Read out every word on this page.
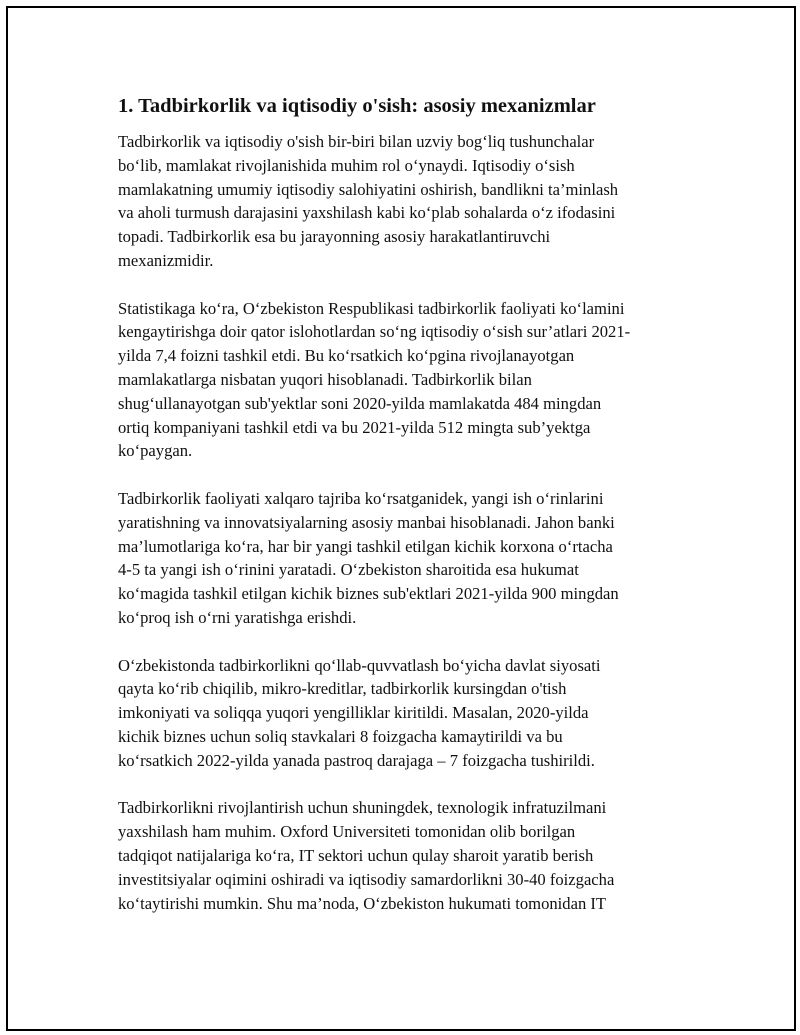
1. Tadbirkorlik va iqtisodiy o'sish: asosiy mexanizmlar

Tadbirkorlik va iqtisodiy o'sish bir-biri bilan uzviy bog‘liq tushunchalar
bo‘lib, mamlakat rivojlanishida muhim rol o‘ynaydi. Iqtisodiy o‘sish
mamlakatning umumiy iqtisodiy salohiyatini oshirish, bandlikni ta’minlash
va aholi turmush darajasini yaxshilash kabi ko‘plab sohalarda o‘z ifodasini
topadi. Tadbirkorlik esa bu jarayonning asosiy harakatlantiruvchi
mexanizmidir.

Statistikaga ko‘ra, O‘zbekiston Respublikasi tadbirkorlik faoliyati ko‘lamini
kengaytirishga doir qator islohotlardan so‘ng iqtisodiy o‘sish sur’atlari 2021-
yilda 7,4 foizni tashkil etdi. Bu ko‘rsatkich ko‘pgina rivojlanayotgan
mamlakatlarga nisbatan yuqori hisoblanadi. Tadbirkorlik bilan
shug‘ullanayotgan sub'yektlar soni 2020-yilda mamlakatda 484 mingdan
ortiq kompaniyani tashkil etdi va bu 2021-yilda 512 mingta sub’yektga
ko‘paygan.

Tadbirkorlik faoliyati xalqaro tajriba ko‘rsatganidek, yangi ish o‘rinlarini
yaratishning va innovatsiyalarning asosiy manbai hisoblanadi. Jahon banki
ma’lumotlariga ko‘ra, har bir yangi tashkil etilgan kichik korxona o‘rtacha
4-5 ta yangi ish o‘rinini yaratadi. O‘zbekiston sharoitida esa hukumat
ko‘magida tashkil etilgan kichik biznes sub'ektlari 2021-yilda 900 mingdan
ko‘proq ish o‘rni yaratishga erishdi.

O‘zbekistonda tadbirkorlikni qo‘llab-quvvatlash bo‘yicha davlat siyosati
qayta ko‘rib chiqilib, mikro-kreditlar, tadbirkorlik kursingdan o'tish
imkoniyati va soliqqa yuqori yengilliklar kiritildi. Masalan, 2020-yilda
kichik biznes uchun soliq stavkalari 8 foizgacha kamaytirildi va bu
ko‘rsatkich 2022-yilda yanada pastroq darajaga – 7 foizgacha tushirildi.

Tadbirkorlikni rivojlantirish uchun shuningdek, texnologik infratuzilmani
yaxshilash ham muhim. Oxford Universiteti tomonidan olib borilgan
tadqiqot natijalariga ko‘ra, IT sektori uchun qulay sharoit yaratib berish
investitsiyalar oqimini oshiradi va iqtisodiy samardorlikni 30-40 foizgacha
ko‘taytirishi mumkin. Shu ma’noda, O‘zbekiston hukumati tomonidan IT
